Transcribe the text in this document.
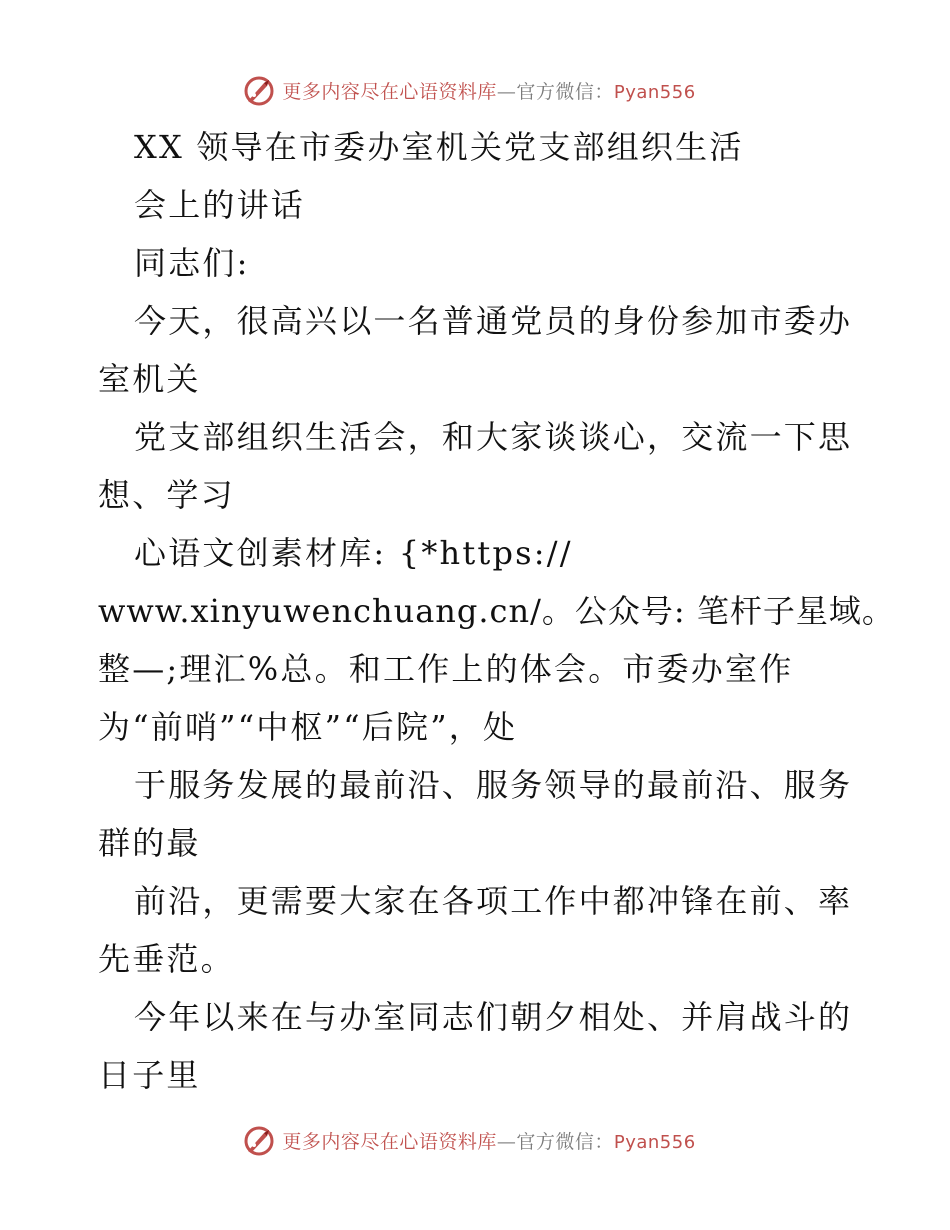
更多内容尽在心语资料库—官方微信：Pyan556
XX 领导在市委办室机关党支部组织生活
会上的讲话
同志们:
今天，很高兴以一名普通党员的身份参加市委办
室机关
党支部组织生活会，和大家谈谈心，交流一下思
想、学习
心语文创素材库: {*https://
www.xinyuwenchuang.cn/。公众号: 笔杆子星域。
整—;理汇%总。和工作上的体会。市委办室作
为“前哨”“中枢”“后院”，处
于服务发展的最前沿、服务领导的最前沿、服务
群的最
前沿，更需要大家在各项工作中都冲锋在前、率
先垂范。
今年以来在与办室同志们朝夕相处、并肩战斗的
日子里
更多内容尽在心语资料库—官方微信：Pyan556
